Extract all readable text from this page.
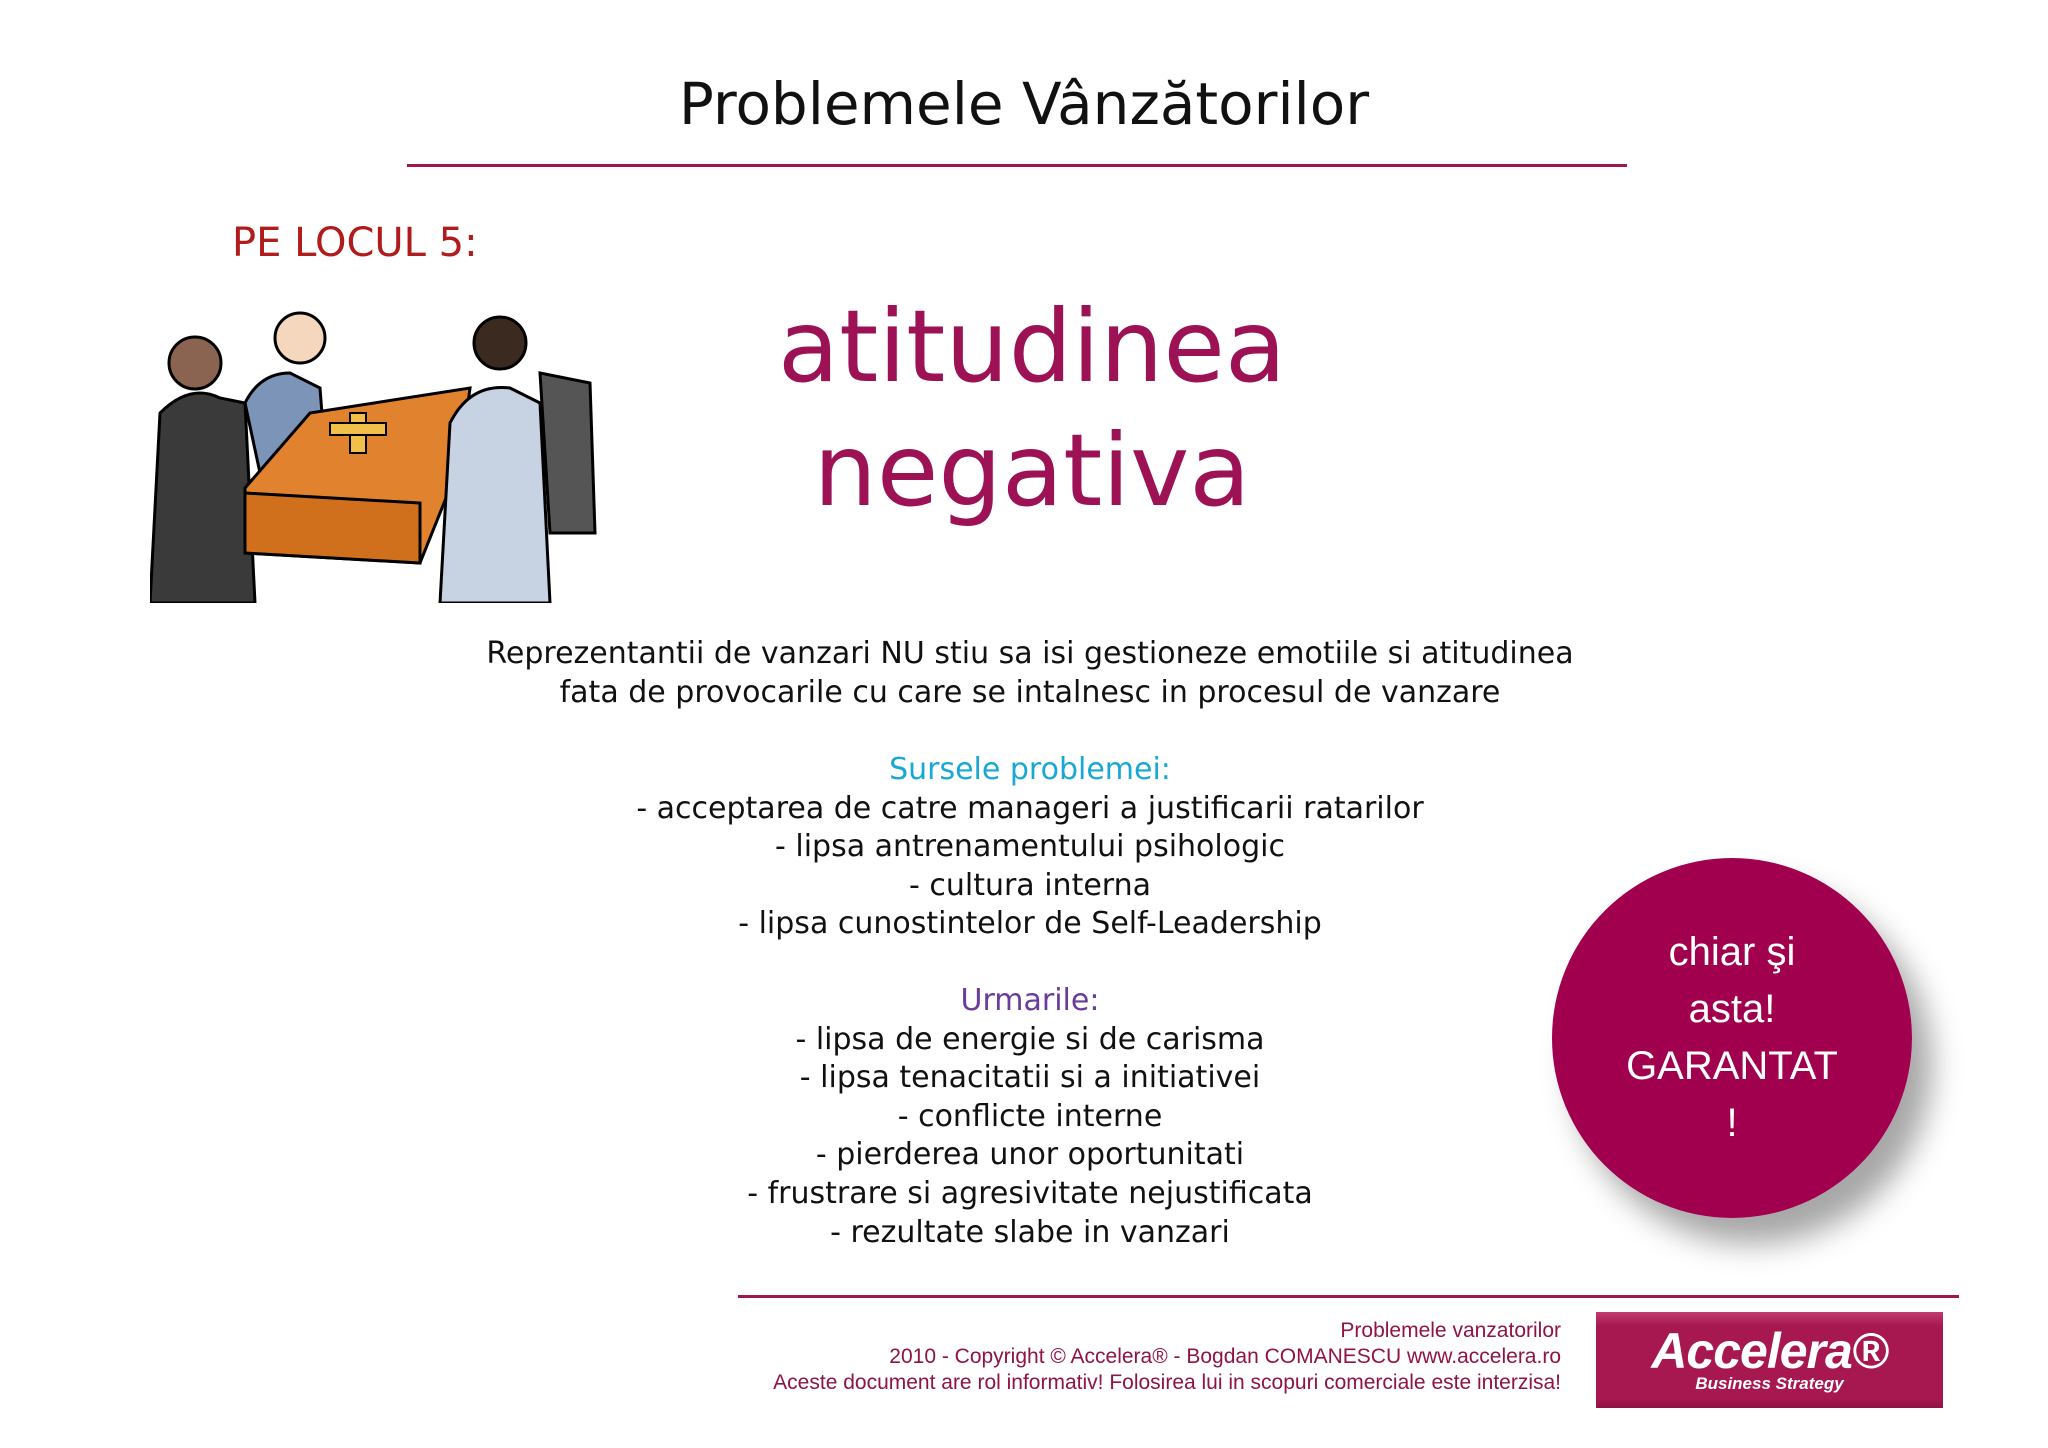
Problemele Vânzătorilor
PE LOCUL 5:
atitudinea
negativa
Reprezentantii de vanzari NU stiu sa isi gestioneze emotiile si atitudinea
fata de provocarile cu care se intalnesc in procesul de vanzare
Sursele problemei:
- acceptarea de catre manageri a justificarii ratarilor
- lipsa antrenamentului psihologic
- cultura interna
- lipsa cunostintelor de Self-Leadership
Urmarile:
- lipsa de energie si de carisma
- lipsa tenacitatii si a initiativei
- conflicte interne
- pierderea unor oportunitati
- frustrare si agresivitate nejustificata
- rezultate slabe in vanzari
chiar şi
asta!
GARANTAT
!
Problemele vanzatorilor
2010 - Copyright © Accelera® - Bogdan COMANESCU www.accelera.ro
Aceste document are rol informativ! Folosirea lui in scopuri comerciale este interzisa!
Accelera®
Business Strategy
